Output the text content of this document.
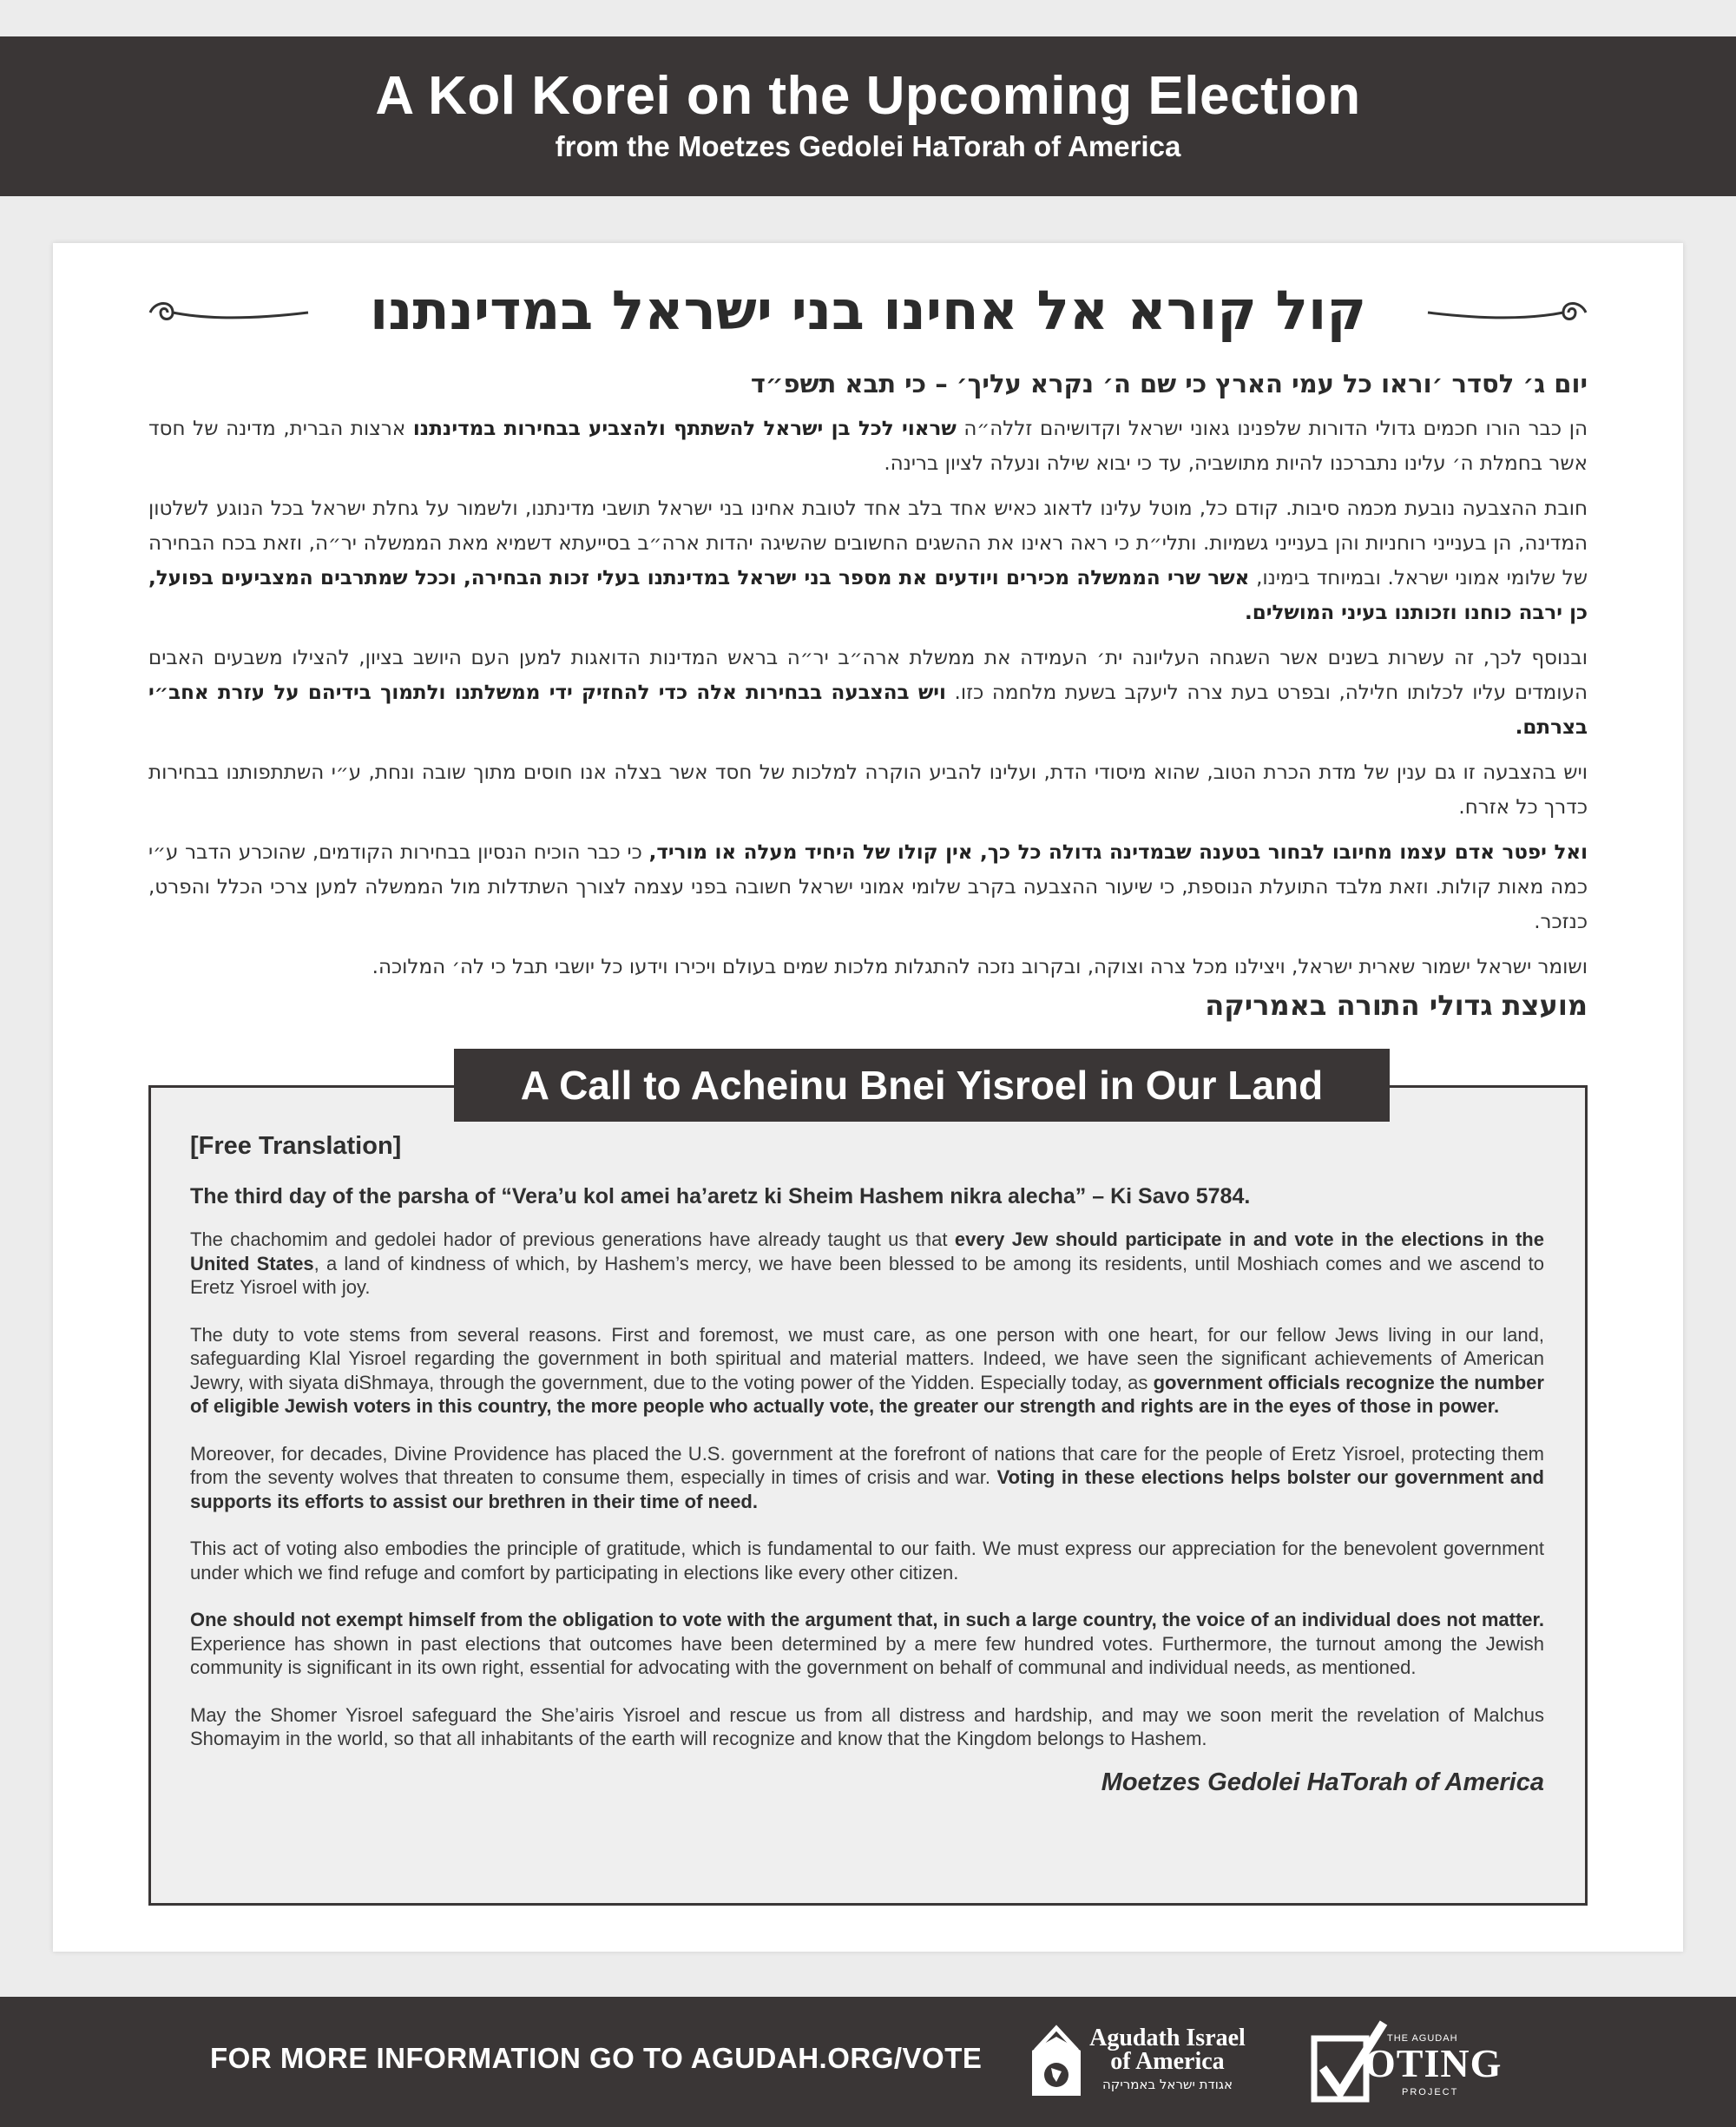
A Kol Korei on the Upcoming Election
from the Moetzes Gedolei HaTorah of America
קול קורא אל אחינו בני ישראל במדינתנו
יום ג׳ לסדר ׳וראו כל עמי הארץ כי שם ה׳ נקרא עליך׳ – כי תבא תשפ״ד

הן כבר הורו חכמים גדולי הדורות שלפנינו גאוני ישראל וקדושיהם זללה״ה שראוי לכל בן ישראל להשתתף ולהצביע בבחירות במדינתנו ארצות הברית, מדינה של חסד אשר בחמלת ה׳ עלינו נתברכנו להיות מתושביה, עד כי יבוא שילה ונעלה לציון ברינה.

חובת ההצבעה נובעת מכמה סיבות. קודם כל, מוטל עלינו לדאוג כאיש אחד בלב אחד לטובת אחינו בני ישראל תושבי מדינתנו, ולשמור על גחלת ישראל בכל הנוגע לשלטון המדינה, הן בענייני רוחניות והן בענייני גשמיות. ותלי״ת כי ראה ראינו את ההשגים החשובים שהשיגה יהדות ארה״ב בסייעתא דשמיא מאת הממשלה יר״ה, וזאת בכח הבחירה של שלומי אמוני ישראל. ובמיוחד בימינו, אשר שרי הממשלה מכירים ויודעים את מספר בני ישראל במדינתנו בעלי זכות הבחירה, וככל שמתרבים המצביעים בפועל, כן ירבה כוחנו וזכותנו בעיני המושלים.

ובנוסף לכך, זה עשרות בשנים אשר השגחה העליונה ית׳ העמידה את ממשלת ארה״ב יר״ה בראש המדינות הדואגות למען העם היושב בציון, להצילו משבעים האבים העומדים עליו לכלותו חלילה, ובפרט בעת צרה ליעקב בשעת מלחמה כזו. ויש בהצבעה בבחירות אלה כדי להחזיק ידי ממשלתנו ולתמוך בידיהם על עזרת אחב״י בצרתם.

ויש בהצבעה זו גם ענין של מדת הכרת הטוב, שהוא מיסודי הדת, ועלינו להביע הוקרה למלכות של חסד אשר בצלה אנו חוסים מתוך שובה ונחת, ע״י השתתפותנו בבחירות כדרך כל אזרח.

ואל יפטר אדם עצמו מחיובו לבחור בטענה שבמדינה גדולה כל כך, אין קולו של היחיד מעלה או מוריד, כי כבר הוכיח הנסיון בבחירות הקודמים, שהוכרע הדבר ע״י כמה מאות קולות. וזאת מלבד התועלת הנוספת, כי שיעור ההצבעה בקרב שלומי אמוני ישראל חשובה בפני עצמה לצורך השתדלות מול הממשלה למען צרכי הכלל והפרט, כנזכר.

ושומר ישראל ישמור שארית ישראל, ויצילנו מכל צרה וצוקה, ובקרוב נזכה להתגלות מלכות שמים בעולם ויכירו וידעו כל יושבי תבל כי לה׳ המלוכה.

מועצת גדולי התורה באמריקה
A Call to Acheinu Bnei Yisroel in Our Land
[Free Translation]
The third day of the parsha of “Vera’u kol amei ha’aretz ki Sheim Hashem nikra alecha” – Ki Savo 5784.

The chachomim and gedolei hador of previous generations have already taught us that every Jew should participate in and vote in the elections in the United States, a land of kindness of which, by Hashem’s mercy, we have been blessed to be among its residents, until Moshiach comes and we ascend to Eretz Yisroel with joy.

The duty to vote stems from several reasons. First and foremost, we must care, as one person with one heart, for our fellow Jews living in our land, safeguarding Klal Yisroel regarding the government in both spiritual and material matters. Indeed, we have seen the significant achievements of American Jewry, with siyata diShmaya, through the government, due to the voting power of the Yidden. Especially today, as government officials recognize the number of eligible Jewish voters in this country, the more people who actually vote, the greater our strength and rights are in the eyes of those in power.

Moreover, for decades, Divine Providence has placed the U.S. government at the forefront of nations that care for the people of Eretz Yisroel, protecting them from the seventy wolves that threaten to consume them, especially in times of crisis and war. Voting in these elections helps bolster our government and supports its efforts to assist our brethren in their time of need.

This act of voting also embodies the principle of gratitude, which is fundamental to our faith. We must express our appreciation for the benevolent government under which we find refuge and comfort by participating in elections like every other citizen.

One should not exempt himself from the obligation to vote with the argument that, in such a large country, the voice of an individual does not matter. Experience has shown in past elections that outcomes have been determined by a mere few hundred votes. Furthermore, the turnout among the Jewish community is significant in its own right, essential for advocating with the government on behalf of communal and individual needs, as mentioned.

May the Shomer Yisroel safeguard the She’airis Yisroel and rescue us from all distress and hardship, and may we soon merit the revelation of Malchus Shomayim in the world, so that all inhabitants of the earth will recognize and know that the Kingdom belongs to Hashem.

Moetzes Gedolei HaTorah of America
FOR MORE INFORMATION GO TO AGUDAH.ORG/VOTE
Agudath Israel
of America
אגודת ישראל באמריקה
THE AGUDAH
OTING
PROJECT
